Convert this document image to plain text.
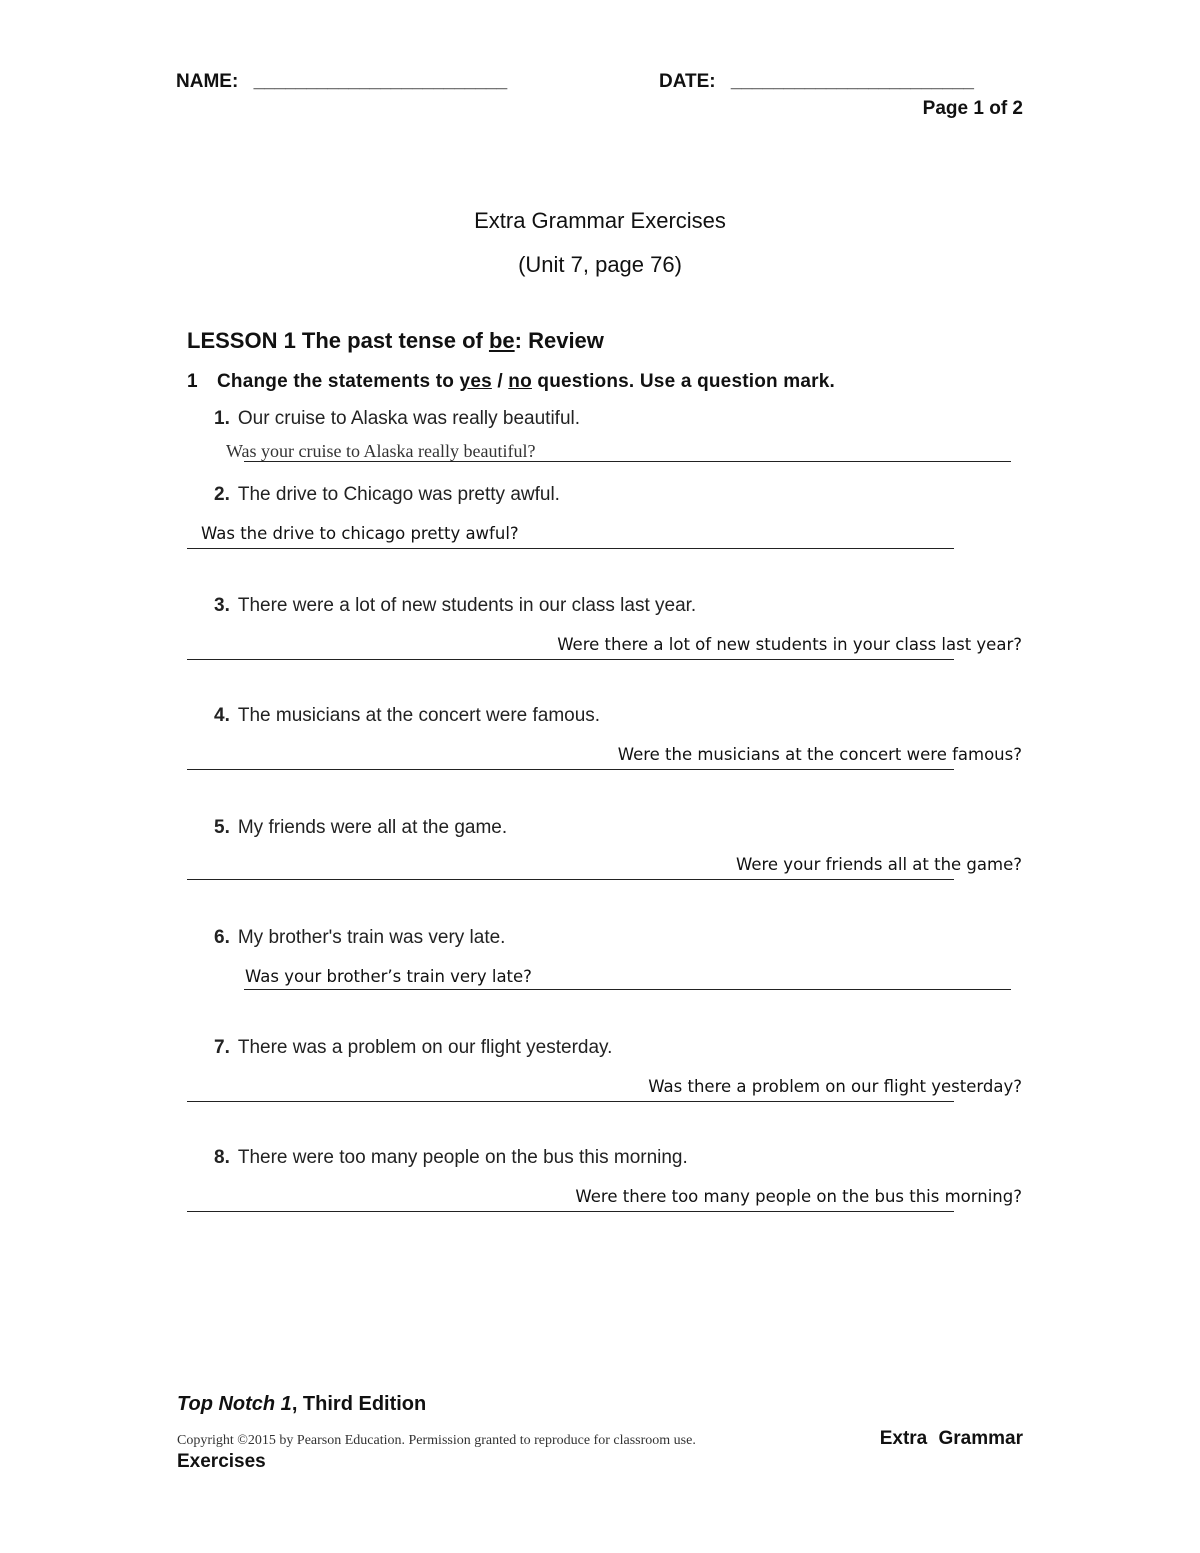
NAME: ________________________	DATE: _______________________
Page 1 of 2
Extra Grammar Exercises
(Unit 7, page 76)
LESSON 1 The past tense of be: Review
1 Change the statements to yes / no questions. Use a question mark.
1. Our cruise to Alaska was really beautiful.
Was your cruise to Alaska really beautiful?
2. The drive to Chicago was pretty awful.
Was the drive to chicago pretty awful?
3. There were a lot of new students in our class last year.
Were there a lot of new students in your class last year?
4. The musicians at the concert were famous.
Were the musicians at the concert were famous?
5. My friends were all at the game.
Were your friends all at the game?
6. My brother's train was very late.
Was your brother’s train very late?
7. There was a problem on our flight yesterday.
Was there a problem on our flight yesterday?
8. There were too many people on the bus this morning.
Were there too many people on the bus this morning?
Top Notch 1, Third Edition
Copyright ©2015 by Pearson Education. Permission granted to reproduce for classroom use.	Extra Grammar
Exercises
